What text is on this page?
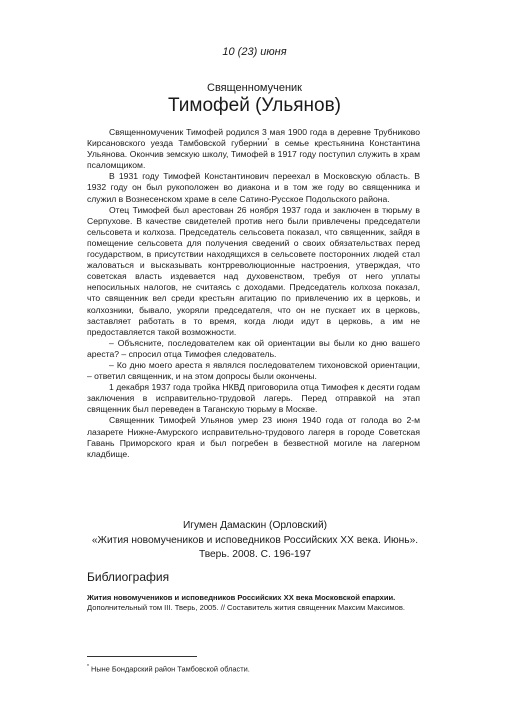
10 (23) июня
Священномученик
Тимофей (Ульянов)

Священномученик Тимофей родился 3 мая 1900 года в деревне Трубниково Кирсановского уезда Тамбовской губернии* в семье крестьянина Константина Ульянова. Окончив земскую школу, Тимофей в 1917 году поступил служить в храм псаломщиком.

В 1931 году Тимофей Константинович переехал в Московскую область. В 1932 году он был рукоположен во диакона и в том же году во священника и служил в Вознесенском храме в селе Сатино-Русское Подольского района.

Отец Тимофей был арестован 26 ноября 1937 года и заключен в тюрьму в Серпухове. В качестве свидетелей против него были привлечены председатели сельсовета и колхоза. Председатель сельсовета показал, что священник, зайдя в помещение сельсовета для получения сведений о своих обязательствах перед государством, в присутствии находящихся в сельсовете посторонних людей стал жаловаться и высказывать контрреволюционные настроения, утверждая, что советская власть издевается над духовенством, требуя от него уплаты непосильных налогов, не считаясь с доходами. Председатель колхоза показал, что священник вел среди крестьян агитацию по привлечению их в церковь, и колхозники, бывало, укоряли председателя, что он не пускает их в церковь, заставляет работать в то время, когда люди идут в церковь, а им не предоставляется такой возможности.

– Объясните, последователем как ой ориентации вы были ко дню вашего ареста? – спросил отца Тимофея следователь.

– Ко дню моего ареста я являлся последователем тихоновской ориентации, – ответил священник, и на этом допросы были окончены.

1 декабря 1937 года тройка НКВД приговорила отца Тимофея к десяти годам заключения в исправительно-трудовой лагерь. Перед отправкой на этап священник был переведен в Таганскую тюрьму в Москве.

Священник Тимофей Ульянов умер 23 июня 1940 года от голода во 2-м лазарете Нижне-Амурского исправительно-трудового лагеря в городе Советская Гавань Приморского края и был погребен в безвестной могиле на лагерном кладбище.

Игумен Дамаскин (Орловский)
«Жития новомучеников и исповедников Российских XX века. Июнь».
Тверь. 2008. С. 196-197
Библиография
Жития новомучеников и исповедников Российских XX века Московской епархии. Дополнительный том III. Тверь, 2005. // Составитель жития священник Максим Максимов.
* Ныне Бондарский район Тамбовской области.
